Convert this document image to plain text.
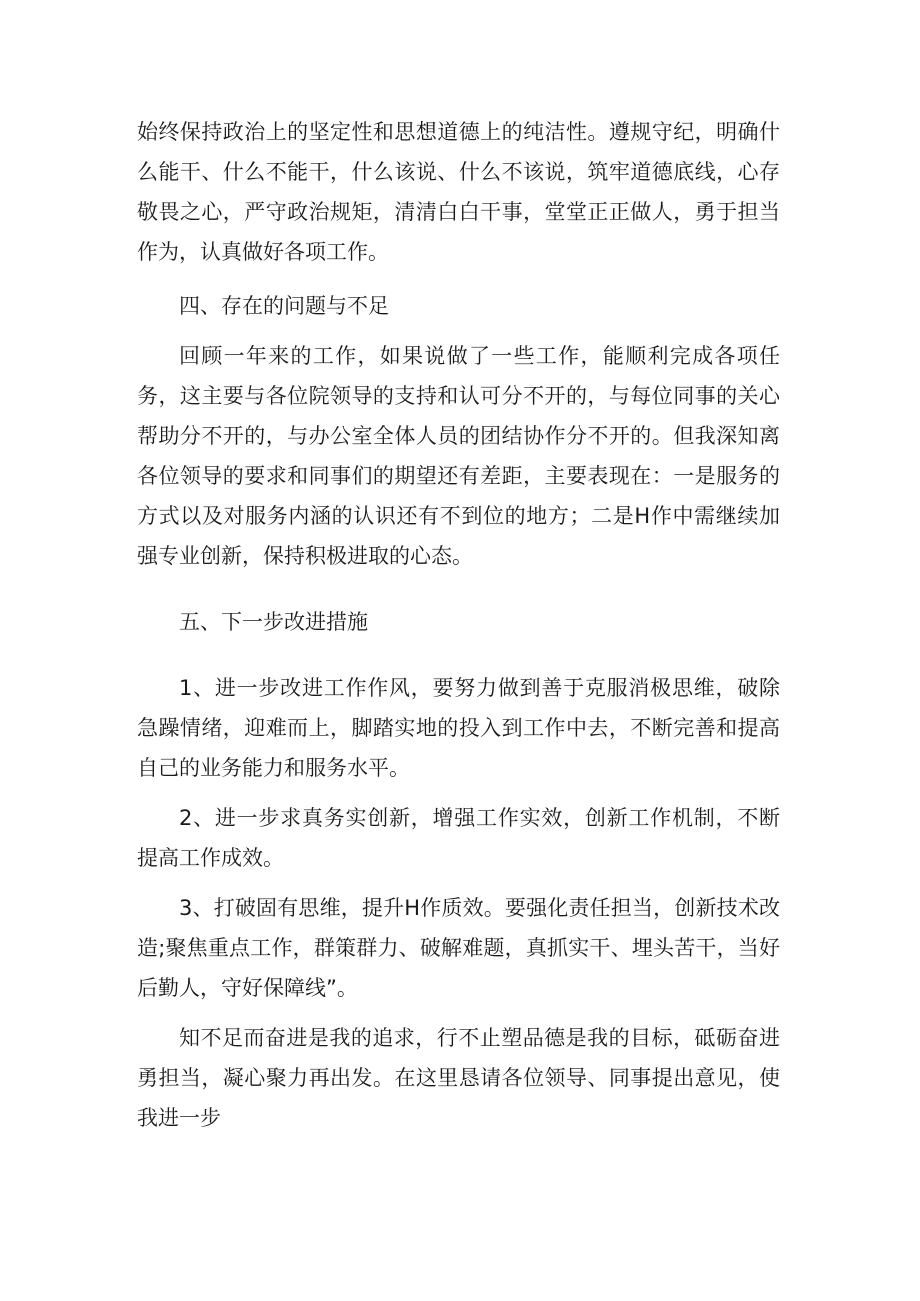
始终保持政治上的坚定性和思想道德上的纯洁性。遵规守纪，明确什么能干、什么不能干，什么该说、什么不该说，筑牢道德底线，心存敬畏之心，严守政治规矩，清清白白干事，堂堂正正做人，勇于担当作为，认真做好各项工作。

四、存在的问题与不足

回顾一年来的工作，如果说做了一些工作，能顺利完成各项任务，这主要与各位院领导的支持和认可分不开的，与每位同事的关心帮助分不开的，与办公室全体人员的团结协作分不开的。但我深知离各位领导的要求和同事们的期望还有差距，主要表现在：一是服务的方式以及对服务内涵的认识还有不到位的地方；二是H作中需继续加强专业创新，保持积极进取的心态。

五、下一步改进措施

1、进一步改进工作作风，要努力做到善于克服消极思维，破除急躁情绪，迎难而上，脚踏实地的投入到工作中去，不断完善和提高自己的业务能力和服务水平。

2、进一步求真务实创新，增强工作实效，创新工作机制，不断提高工作成效。

3、打破固有思维，提升H作质效。要强化责任担当，创新技术改造;聚焦重点工作，群策群力、破解难题，真抓实干、埋头苦干，当好后勤人，守好保障线”。

知不足而奋进是我的追求，行不止塑品德是我的目标，砥砺奋进勇担当，凝心聚力再出发。在这里恳请各位领导、同事提出意见，使我进一步
